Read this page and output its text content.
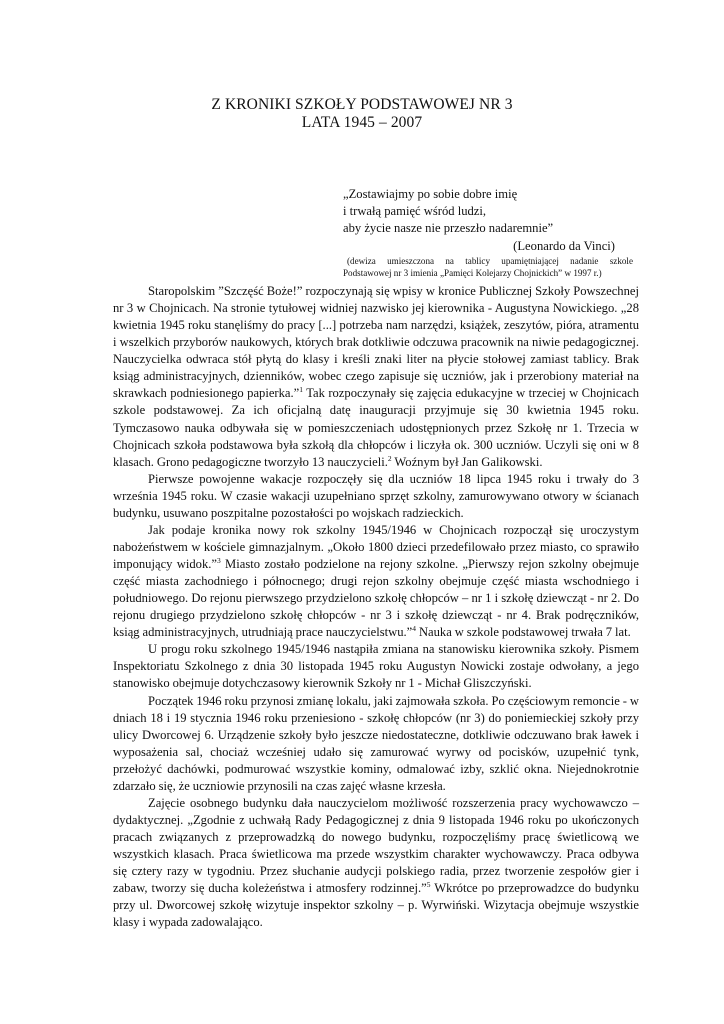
Z KRONIKI SZKOŁY PODSTAWOWEJ NR 3
LATA 1945 – 2007
„Zostawiajmy po sobie dobre imię
i trwałą pamięć wśród ludzi,
aby życie nasze nie przeszło nadaremnie”
(Leonardo da Vinci)
(dewiza umieszczona na tablicy upamiętniającej nadanie szkole
Podstawowej nr 3 imienia „Pamięci Kolejarzy Chojnickich” w 1997 r.)

Staropolskim ”Szczęść Boże!” rozpoczynają się wpisy w kronice Publicznej Szkoły Powszechnej nr 3 w Chojnicach. Na stronie tytułowej widniej nazwisko jej kierownika - Augustyna Nowickiego. „28 kwietnia 1945 roku stanęliśmy do pracy [...] potrzeba nam narzędzi, książek, zeszytów, pióra, atramentu i wszelkich przyborów naukowych, których brak dotkliwie odczuwa pracownik na niwie pedagogicznej. Nauczycielka odwraca stół płytą do klasy i kreśli znaki liter na płycie stołowej zamiast tablicy. Brak ksiąg administracyjnych, dzienników, wobec czego zapisuje się uczniów, jak i przerobiony materiał na skrawkach podniesionego papierka.”$^1$ Tak rozpoczynały się zajęcia edukacyjne w trzeciej w Chojnicach szkole podstawowej. Za ich oficjalną datę inauguracji przyjmuje się 30 kwietnia 1945 roku. Tymczasowo nauka odbywała się w pomieszczeniach udostępnionych przez Szkołę nr 1. Trzecia w Chojnicach szkoła podstawowa była szkołą dla chłopców i liczyła ok. 300 uczniów. Uczyli się oni w 8 klasach. Grono pedagogiczne tworzyło 13 nauczycieli.$^2$ Woźnym był Jan Galikowski.

Pierwsze powojenne wakacje rozpoczęły się dla uczniów 18 lipca 1945 roku i trwały do 3 września 1945 roku. W czasie wakacji uzupełniano sprzęt szkolny, zamurowywano otwory w ścianach budynku, usuwano poszpitalne pozostałości po wojskach radzieckich.

Jak podaje kronika nowy rok szkolny 1945/1946 w Chojnicach rozpoczął się uroczystym nabożeństwem w kościele gimnazjalnym. „Około 1800 dzieci przedefilowało przez miasto, co sprawiło imponujący widok.”$^3$ Miasto zostało podzielone na rejony szkolne. „Pierwszy rejon szkolny obejmuje część miasta zachodniego i północnego; drugi rejon szkolny obejmuje część miasta wschodniego i południowego. Do rejonu pierwszego przydzielono szkołę chłopców – nr 1 i szkołę dziewcząt - nr 2. Do rejonu drugiego przydzielono szkołę chłopców - nr 3 i szkołę dziewcząt - nr 4. Brak podręczników, ksiąg administracyjnych, utrudniają prace nauczycielstwu.”$^4$ Nauka w szkole podstawowej trwała 7 lat.

U progu roku szkolnego 1945/1946 nastąpiła zmiana na stanowisku kierownika szkoły. Pismem Inspektoriatu Szkolnego z dnia 30 listopada 1945 roku Augustyn Nowicki zostaje odwołany, a jego stanowisko obejmuje dotychczasowy kierownik Szkoły nr 1 - Michał Gliszczyński.

Początek 1946 roku przynosi zmianę lokalu, jaki zajmowała szkoła. Po częściowym remoncie - w dniach 18 i 19 stycznia 1946 roku przeniesiono - szkołę chłopców (nr 3) do poniemieckiej szkoły przy ulicy Dworcowej 6. Urządzenie szkoły było jeszcze niedostateczne, dotkliwie odczuwano brak ławek i wyposażenia sal, chociaż wcześniej udało się zamurować wyrwy od pocisków, uzupełnić tynk, przełożyć dachówki, podmurować wszystkie kominy, odmalować izby, szklić okna. Niejednokrotnie zdarzało się, że uczniowie przynosili na czas zajęć własne krzesła.

Zajęcie osobnego budynku dała nauczycielom możliwość rozszerzenia pracy wychowawczo – dydaktycznej. „Zgodnie z uchwałą Rady Pedagogicznej z dnia 9 listopada 1946 roku po ukończonych pracach związanych z przeprowadzką do nowego budynku, rozpoczęliśmy pracę świetlicową we wszystkich klasach. Praca świetlicowa ma przede wszystkim charakter wychowawczy. Praca odbywa się cztery razy w tygodniu. Przez słuchanie audycji polskiego radia, przez tworzenie zespołów gier i zabaw, tworzy się ducha koleżeństwa i atmosfery rodzinnej.”$^5$ Wkrótce po przeprowadzce do budynku przy ul. Dworcowej szkołę wizytuje inspektor szkolny – p. Wyrwiński. Wizytacja obejmuje wszystkie klasy i wypada zadowalająco.
